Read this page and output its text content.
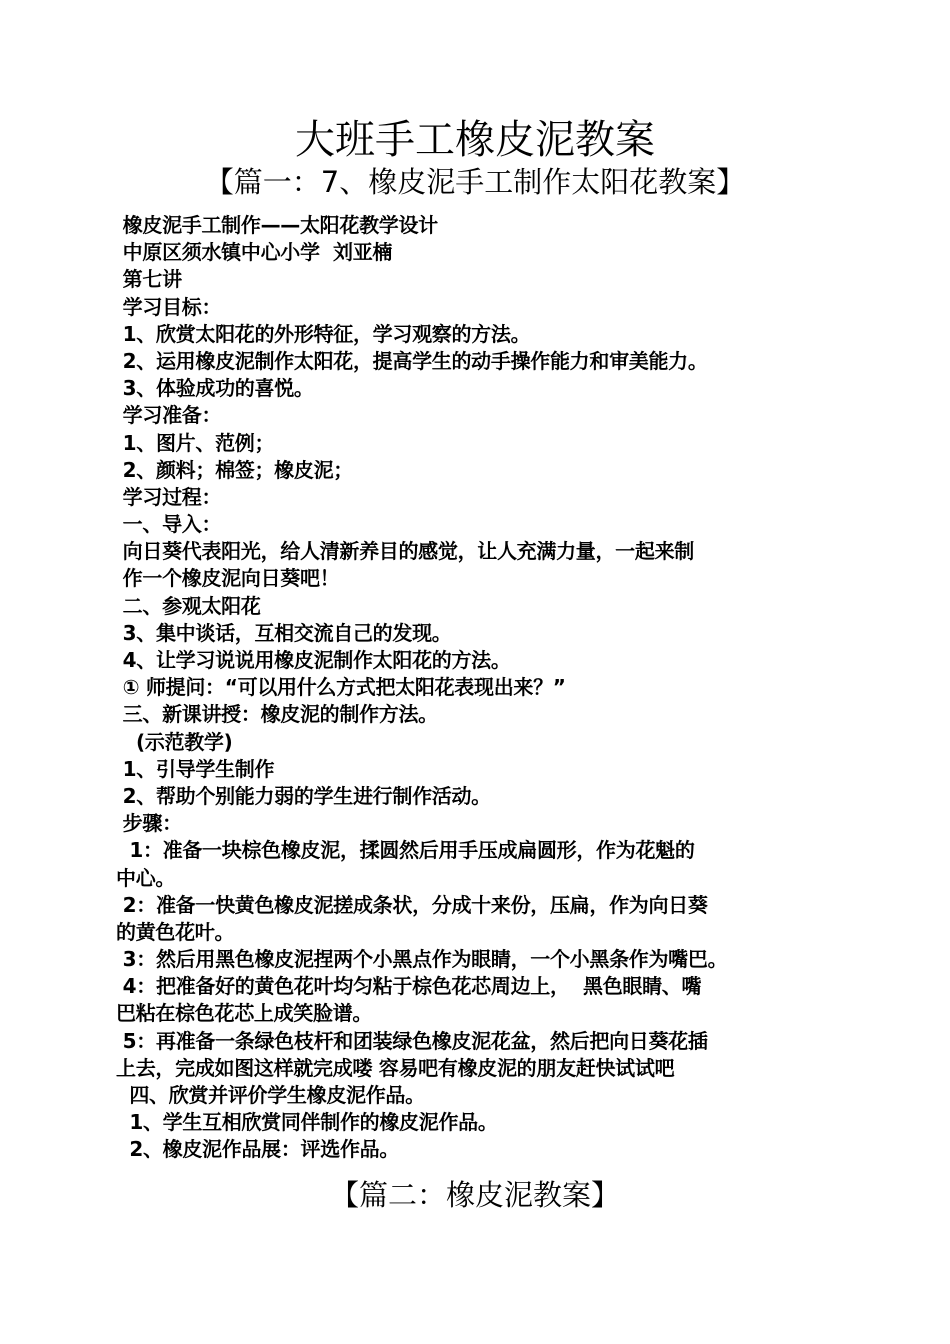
大班手工橡皮泥教案
【篇一：7、橡皮泥手工制作太阳花教案】
橡皮泥手工制作——太阳花教学设计
中原区须水镇中心小学  刘亚楠
第七讲
学习目标：
1、欣赏太阳花的外形特征，学习观察的方法。
2、运用橡皮泥制作太阳花，提高学生的动手操作能力和审美能力。
3、体验成功的喜悦。
学习准备：
1、图片、范例；
2、颜料；棉签；橡皮泥；
学习过程：
一、导入：
向日葵代表阳光，给人清新养目的感觉，让人充满力量，一起来制
作一个橡皮泥向日葵吧！
二、参观太阳花
3、集中谈话，互相交流自己的发现。
4、让学习说说用橡皮泥制作太阳花的方法。
① 师提问：“可以用什么方式把太阳花表现出来？”
三、新课讲授：橡皮泥的制作方法。
(示范教学)
1、引导学生制作
2、帮助个别能力弱的学生进行制作活动。
步骤：
1：准备一块棕色橡皮泥，揉圆然后用手压成扁圆形，作为花魁的
中心。
2：准备一快黄色橡皮泥搓成条状，分成十来份，压扁，作为向日葵
的黄色花叶。
3：然后用黑色橡皮泥捏两个小黑点作为眼睛，一个小黑条作为嘴巴。
4：把准备好的黄色花叶均匀粘于棕色花芯周边上，  黑色眼睛、嘴
巴粘在棕色花芯上成笑脸谱。
5：再准备一条绿色枝杆和团装绿色橡皮泥花盆，然后把向日葵花插
上去，完成如图这样就完成喽 容易吧有橡皮泥的朋友赶快试试吧
四、欣赏并评价学生橡皮泥作品。
1、学生互相欣赏同伴制作的橡皮泥作品。
2、橡皮泥作品展：评选作品。
【篇二：橡皮泥教案】
